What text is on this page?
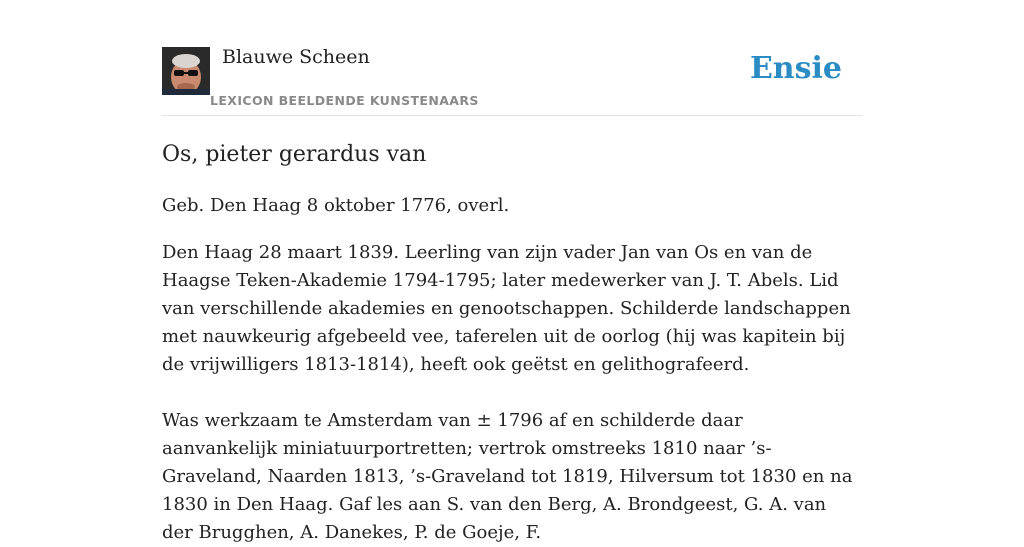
Blauwe Scheen
LEXICON BEELDENDE KUNSTENAARS
Ensie
Os, pieter gerardus van

Geb. Den Haag 8 oktober 1776, overl.

Den Haag 28 maart 1839. Leerling van zijn vader Jan van Os en van de Haagse Teken-Akademie 1794-1795; later medewerker van J. T. Abels. Lid van verschillende akademies en genootschappen. Schilderde landschappen met nauwkeurig afgebeeld vee, taferelen uit de oorlog (hij was kapitein bij de vrijwilligers 1813-1814), heeft ook geëtst en gelithografeerd.

Was werkzaam te Amsterdam van ± 1796 af en schilderde daar aanvankelijk miniatuurportretten; vertrok omstreeks 1810 naar ’s-Graveland, Naarden 1813, ’s-Graveland tot 1819, Hilversum tot 1830 en na 1830 in Den Haag. Gaf les aan S. van den Berg, A. Brondgeest, G. A. van der Brugghen, A. Danekes, P. de Goeje, F.
